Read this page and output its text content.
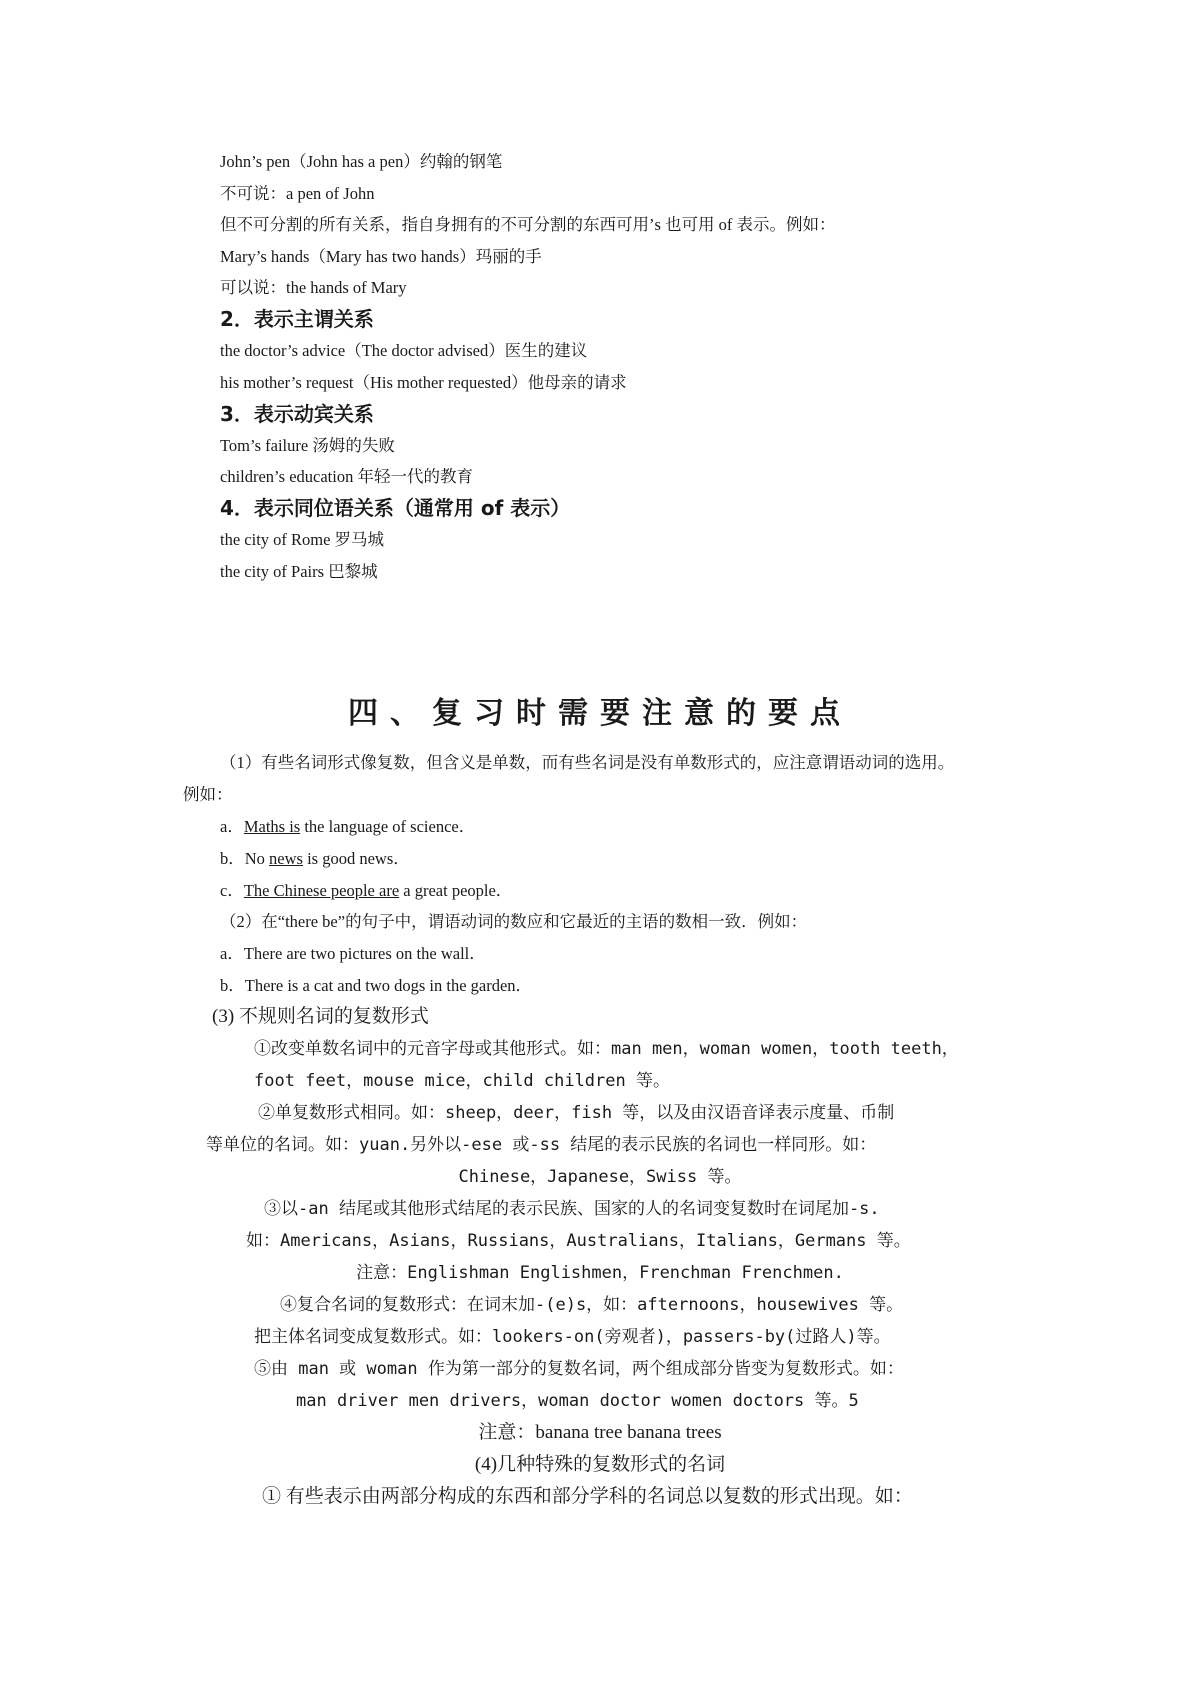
John’s pen（John has a pen）约翰的钢笔
不可说：a pen of John
但不可分割的所有关系，指自身拥有的不可分割的东西可用’s 也可用 of 表示。例如：
Mary’s hands（Mary has two hands）玛丽的手
可以说：the hands of Mary
2．表示主谓关系
the doctor’s advice（The doctor advised）医生的建议
his mother’s request（His mother requested）他母亲的请求
3．表示动宾关系
Tom’s failure 汤姆的失败
children’s education 年轻一代的教育
4．表示同位语关系（通常用 of 表示）
the city of Rome 罗马城
the city of Pairs 巴黎城
四、复习时需要注意的要点
（1）有些名词形式像复数，但含义是单数，而有些名词是没有单数形式的，应注意谓语动词的选用。
例如：
a．Maths is the language of science．
b．No news is good news．
c．The Chinese people are a great people．
（2）在“there be”的句子中，谓语动词的数应和它最近的主语的数相一致．例如：
a．There are two pictures on the wall．
b．There is a cat and two dogs in the garden．
(3) 不规则名词的复数形式
①改变单数名词中的元音字母或其他形式。如：man men，woman women，tooth teeth，
foot feet，mouse mice，child children 等。
②单复数形式相同。如：sheep，deer，fish 等，以及由汉语音译表示度量、币制
等单位的名词。如：yuan.另外以-ese 或-ss 结尾的表示民族的名词也一样同形。如：
Chinese，Japanese，Swiss 等。
③以-an 结尾或其他形式结尾的表示民族、国家的人的名词变复数时在词尾加-s.
如：Americans，Asians，Russians，Australians，Italians，Germans 等。
注意：Englishman Englishmen，Frenchman Frenchmen.
④复合名词的复数形式：在词末加-(e)s，如：afternoons，housewives 等。
把主体名词变成复数形式。如：lookers-on(旁观者)，passers-by(过路人)等。
⑤由 man 或 woman 作为第一部分的复数名词，两个组成部分皆变为复数形式。如：
man driver men drivers，woman doctor women doctors 等。5
注意：banana tree banana trees
(4)几种特殊的复数形式的名词
① 有些表示由两部分构成的东西和部分学科的名词总以复数的形式出现。如：
